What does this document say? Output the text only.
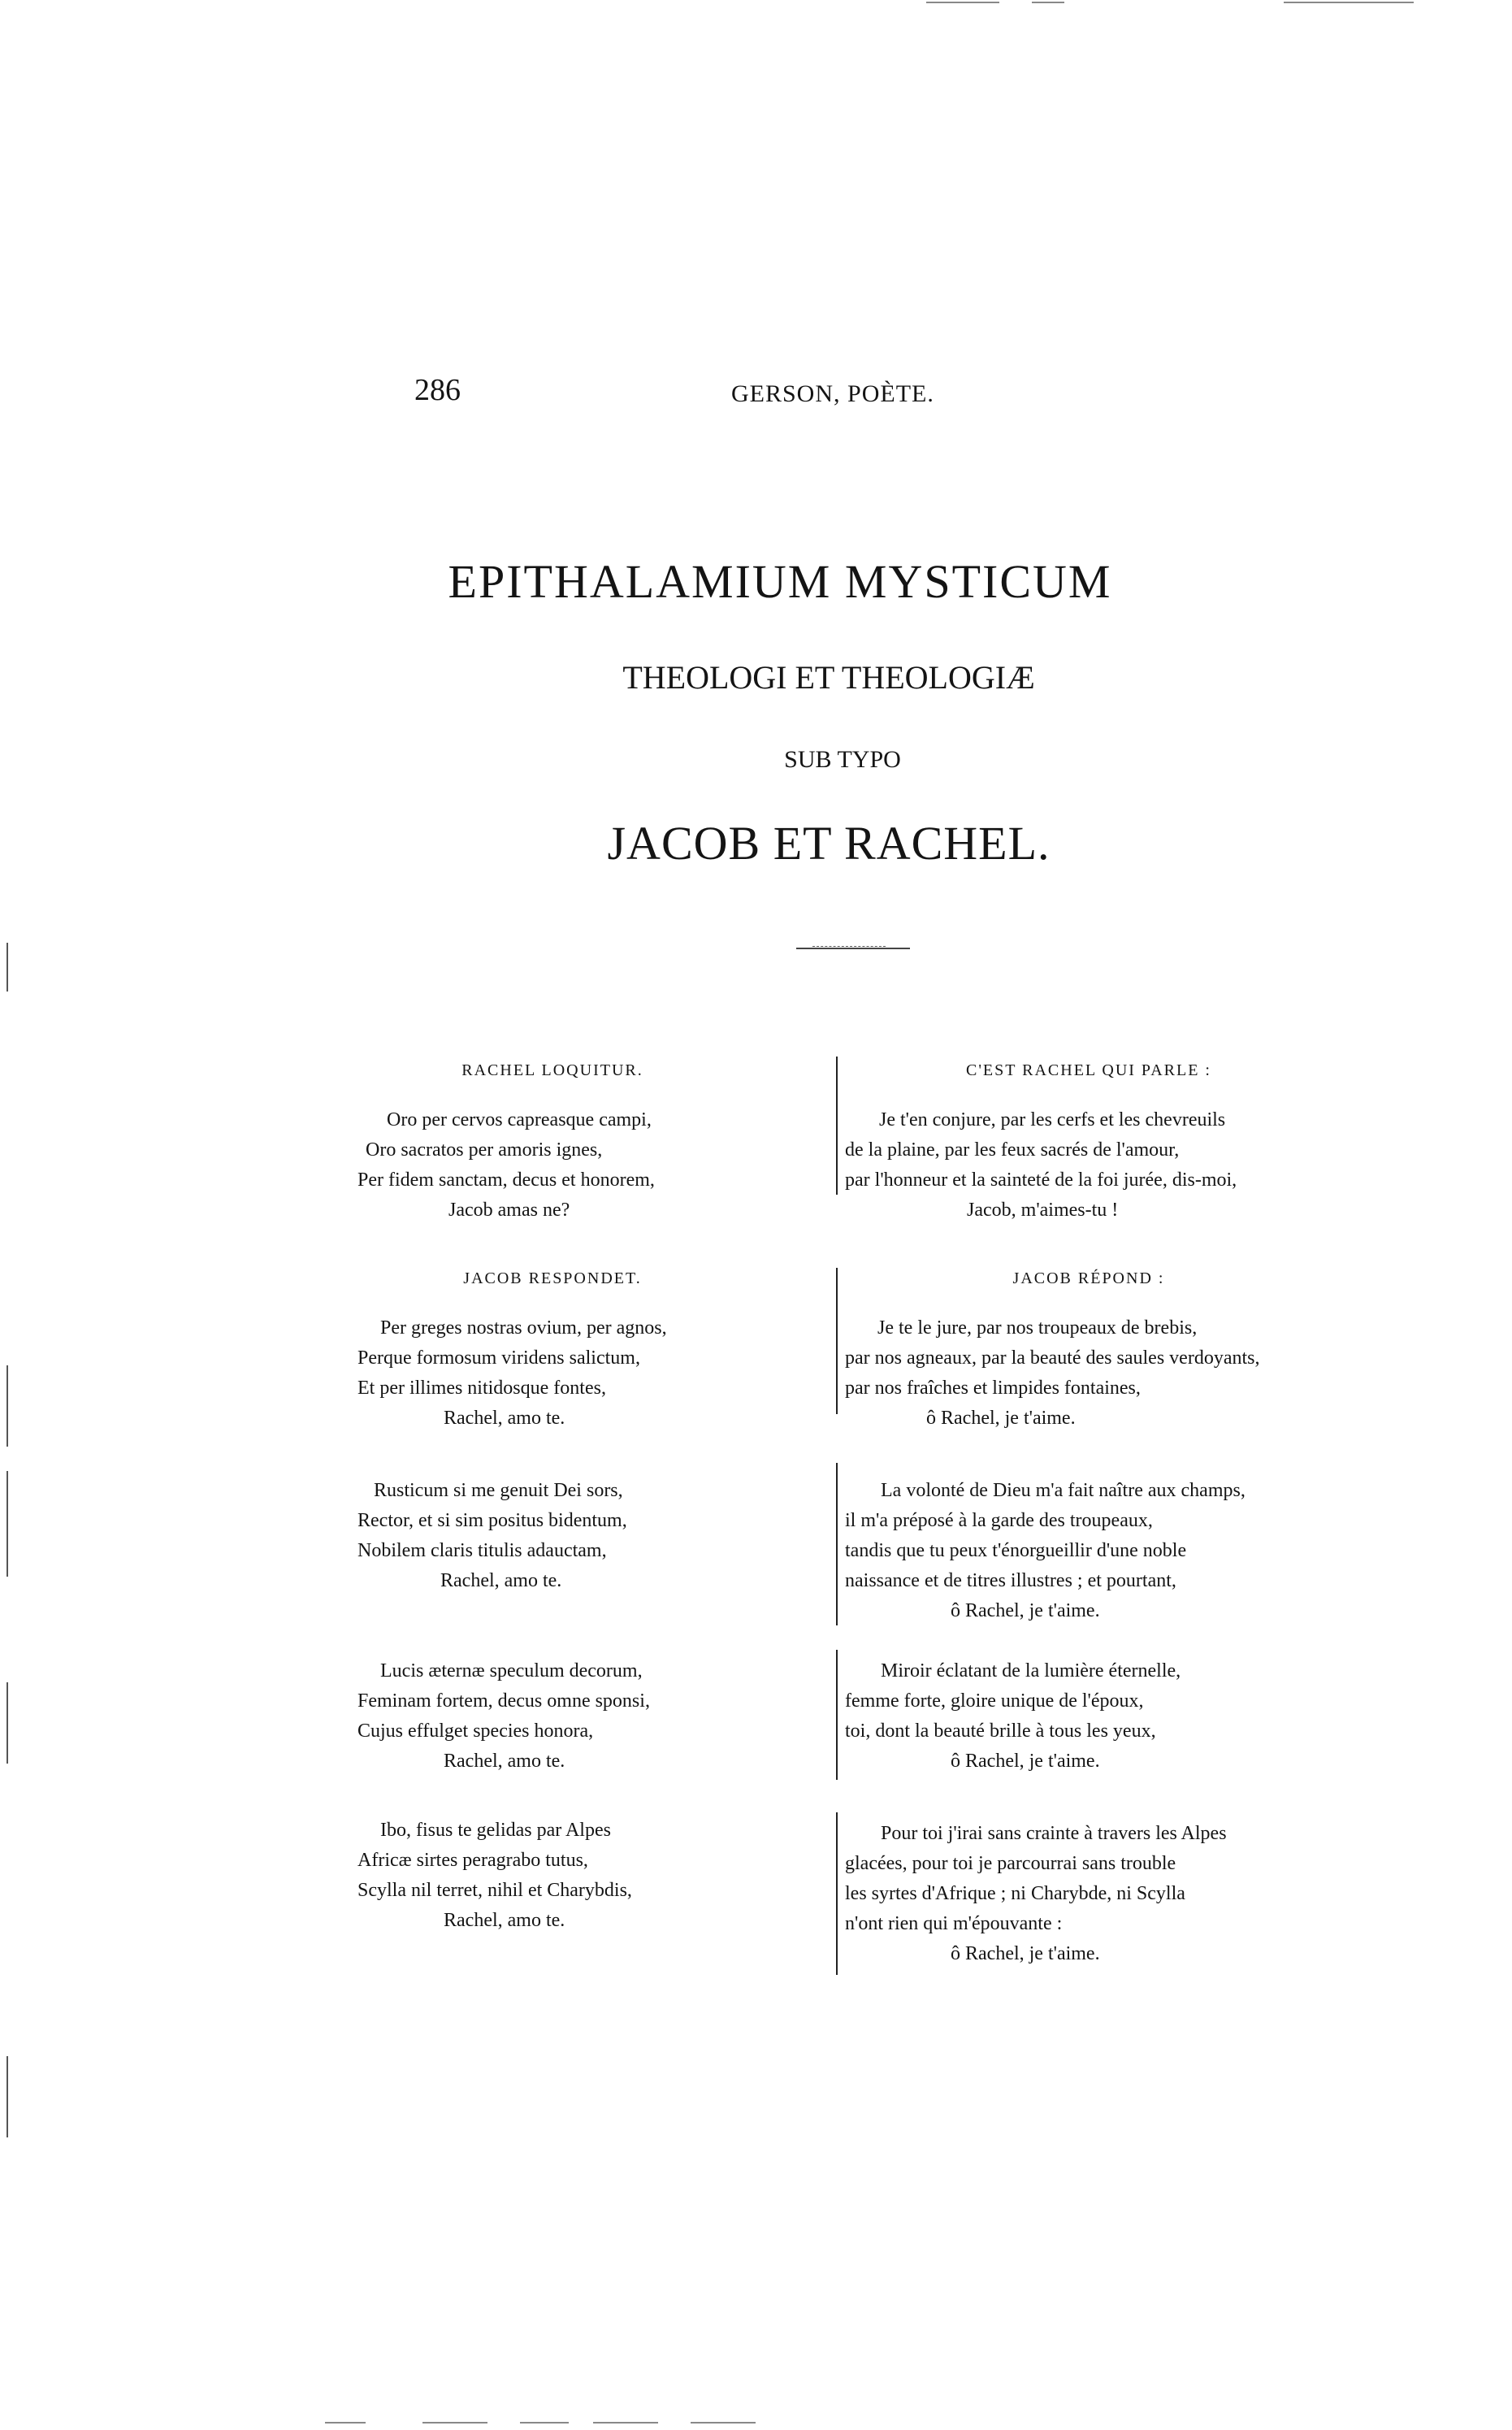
286	GERSON, POÈTE.
EPITHALAMIUM MYSTICUM
THEOLOGI ET THEOLOGIÆ
SUB TYPO
JACOB ET RACHEL.
RACHEL LOQUITUR.	C'EST RACHEL QUI PARLE :
Oro per cervos capreasque campi,
Oro sacratos per amoris ignes,
Per fidem sanctam, decus et honorem,
Jacob amas ne?
Je t'en conjure, par les cerfs et les chevreuils
de la plaine, par les feux sacrés de l'amour,
par l'honneur et la sainteté de la foi jurée, dis-moi,
Jacob, m'aimes-tu !
JACOB RESPONDET.	JACOB RÉPOND :
Per greges nostras ovium, per agnos,
Perque formosum viridens salictum,
Et per illimes nitidosque fontes,
Rachel, amo te.
Je te le jure, par nos troupeaux de brebis,
par nos agneaux, par la beauté des saules verdoyants,
par nos fraîches et limpides fontaines,
ô Rachel, je t'aime.
Rusticum si me genuit Dei sors,
Rector, et si sim positus bidentum,
Nobilem claris titulis adauctam,
Rachel, amo te.
La volonté de Dieu m'a fait naître aux champs,
il m'a préposé à la garde des troupeaux,
tandis que tu peux t'énorgueillir d'une noble
naissance et de titres illustres ; et pourtant,
ô Rachel, je t'aime.
Lucis æternæ speculum decorum,
Feminam fortem, decus omne sponsi,
Cujus effulget species honora,
Rachel, amo te.
Miroir éclatant de la lumière éternelle,
femme forte, gloire unique de l'époux,
toi, dont la beauté brille à tous les yeux,
ô Rachel, je t'aime.
Ibo, fisus te gelidas par Alpes
Africæ sirtes peragrabo tutus,
Scylla nil terret, nihil et Charybdis,
Rachel, amo te.
Pour toi j'irai sans crainte à travers les Alpes
glacées, pour toi je parcourrai sans trouble
les syrtes d'Afrique ; ni Charybde, ni Scylla
n'ont rien qui m'épouvante :
ô Rachel, je t'aime.
